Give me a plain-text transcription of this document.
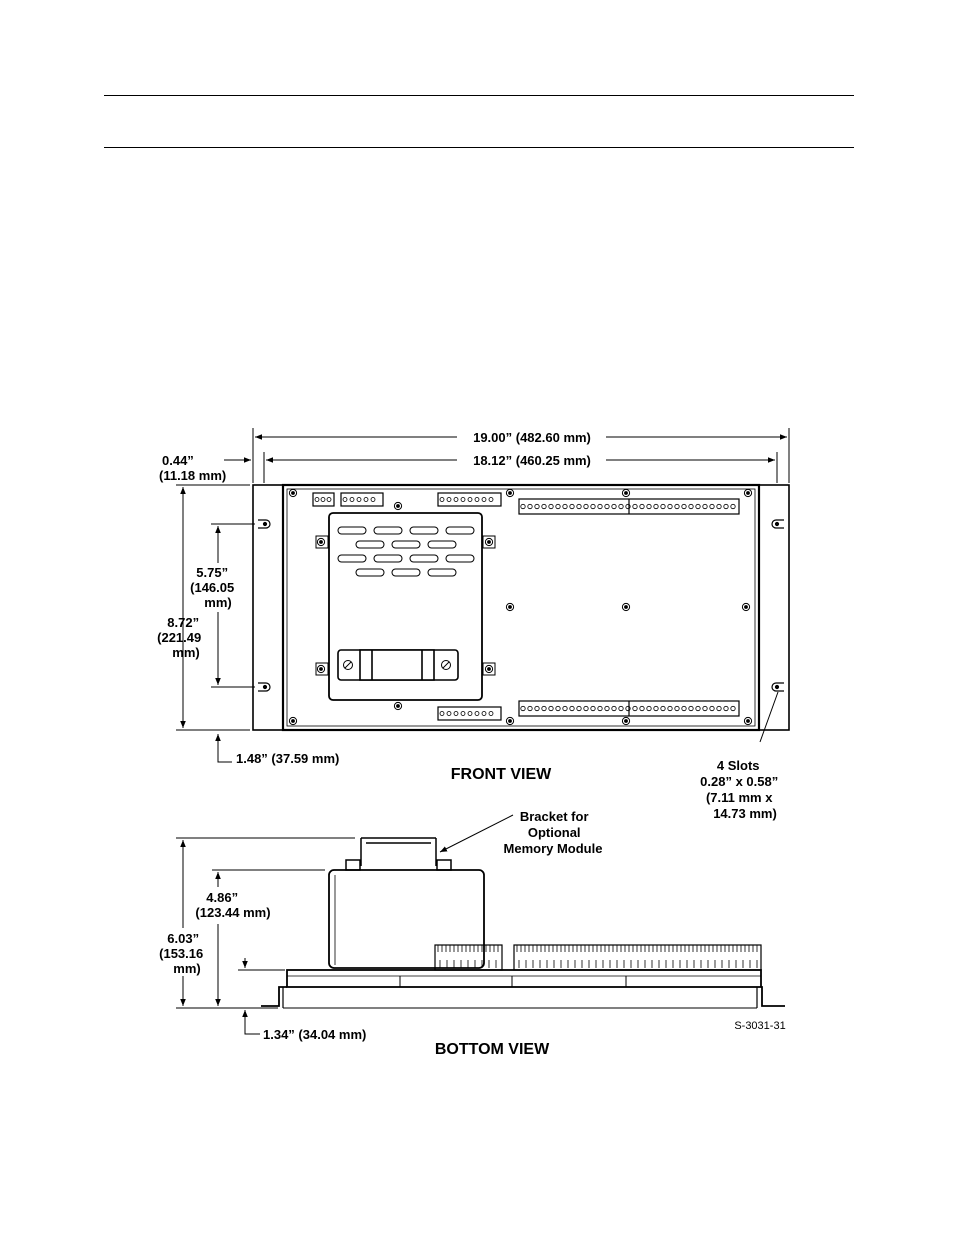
19.00” (482.60 mm)
18.12” (460.25 mm)
0.44” (11.18 mm)
5.75” (146.05 mm)
8.72” (221.49 mm)
1.48” (37.59 mm)
FRONT VIEW
4 Slots 0.28” x 0.58” (7.11 mm x 14.73 mm)
Bracket for Optional Memory Module
4.86” (123.44 mm)
6.03” (153.16 mm)
1.34” (34.04 mm)
BOTTOM VIEW
S-3031-31
